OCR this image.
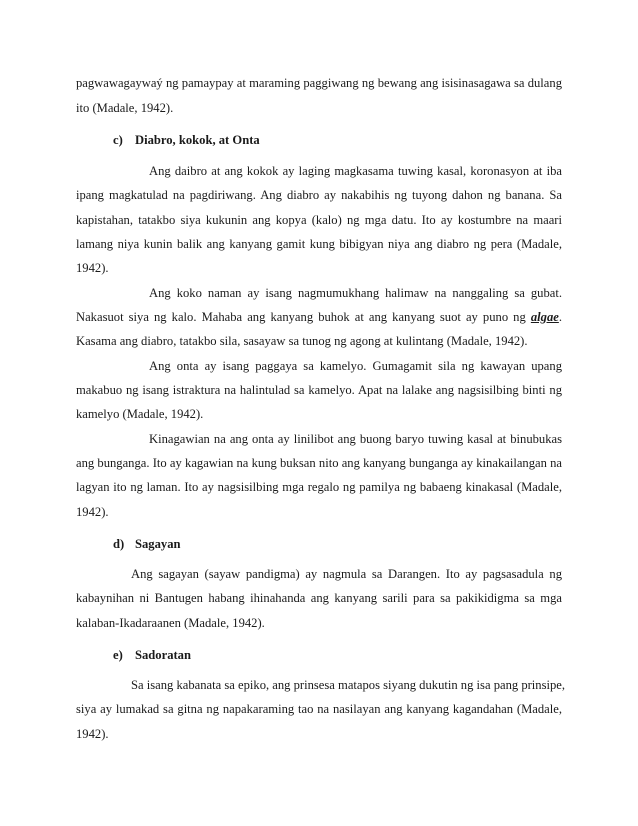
pagwawagaywaý ng pamaypay at maraming paggiwang ng bewang ang isisinasagawa sa dulang
ito (Madale, 1942).
c) Diabro, kokok, at Onta
Ang daibro at ang kokok ay laging magkasama tuwing kasal, koronasyon at iba
ipang magkatulad na pagdiriwang. Ang diabro ay nakabihis ng tuyong dahon ng banana. Sa
kapistahan, tatakbo siya kukunin ang kopya (kalo) ng mga datu. Ito ay kostumbre na maari
lamang niya kunin balik ang kanyang gamit kung bibigyan niya ang diabro ng pera (Madale,
1942).
Ang koko naman ay isang nagmumukhang halimaw na nanggaling sa gubat.
Nakasuot siya ng kalo. Mahaba ang kanyang buhok at ang kanyang suot ay puno ng algae.
Kasama ang diabro, tatakbo sila, sasayaw sa tunog ng agong at kulintang (Madale, 1942).
Ang onta ay isang paggaya sa kamelyo. Gumagamit sila ng kawayan upang
makabuo ng isang istraktura na halintulad sa kamelyo. Apat na lalake ang nagsisilbing binti ng
kamelyo (Madale, 1942).
Kinagawian na ang onta ay linilibot ang buong baryo tuwing kasal at binubukas
ang bunganga. Ito ay kagawian na kung buksan nito ang kanyang bunganga ay kinakailangan na
lagyan ito ng laman. Ito ay nagsisilbing mga regalo ng pamilya ng babaeng kinakasal (Madale,
1942).
d) Sagayan
Ang sagayan (sayaw pandigma) ay nagmula sa Darangen. Ito ay pagsasadula ng
kabaynihan ni Bantugen habang ihinahanda ang kanyang sarili para sa pakikidigma sa mga
kalaban-Ikadaraanen (Madale, 1942).
e) Sadoratan
Sa isang kabanata sa epiko, ang prinsesa matapos siyang dukutin ng isa pang prinsipe,
siya ay lumakad sa gitna ng napakaraming tao na nasilayan ang kanyang kagandahan (Madale,
1942).
